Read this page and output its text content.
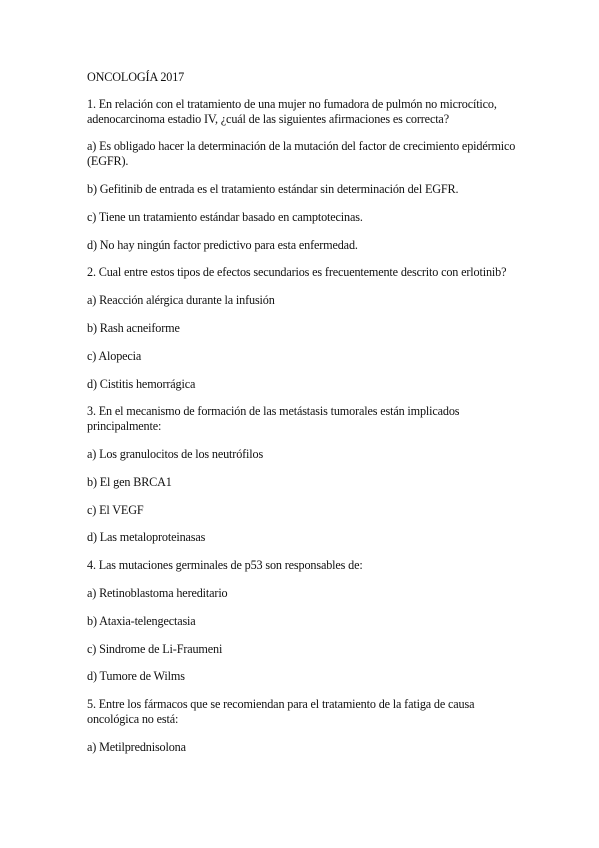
ONCOLOGÍA 2017

1. En relación con el tratamiento de una mujer no fumadora de pulmón no microcítico, adenocarcinoma estadio IV, ¿cuál de las siguientes afirmaciones es correcta?

a) Es obligado hacer la determinación de la mutación del factor de crecimiento epidérmico (EGFR).

b) Gefitinib de entrada es el tratamiento estándar sin determinación del EGFR.

c) Tiene un tratamiento estándar basado en camptotecinas.

d) No hay ningún factor predictivo para esta enfermedad.

2. Cual entre estos tipos de efectos secundarios es frecuentemente descrito con erlotinib?

a) Reacción alérgica durante la infusión

b) Rash acneiforme

c) Alopecia

d) Cistitis hemorrágica

3. En el mecanismo de formación de las metástasis tumorales están implicados principalmente:

a) Los granulocitos de los neutrófilos

b) El gen BRCA1

c) El VEGF

d) Las metaloproteinasas

4. Las mutaciones germinales de p53 son responsables de:

a) Retinoblastoma hereditario

b) Ataxia-telengectasia

c) Sindrome de Li-Fraumeni

d) Tumore de Wilms

5. Entre los fármacos que se recomiendan para el tratamiento de la fatiga de causa oncológica no está:

a) Metilprednisolona
